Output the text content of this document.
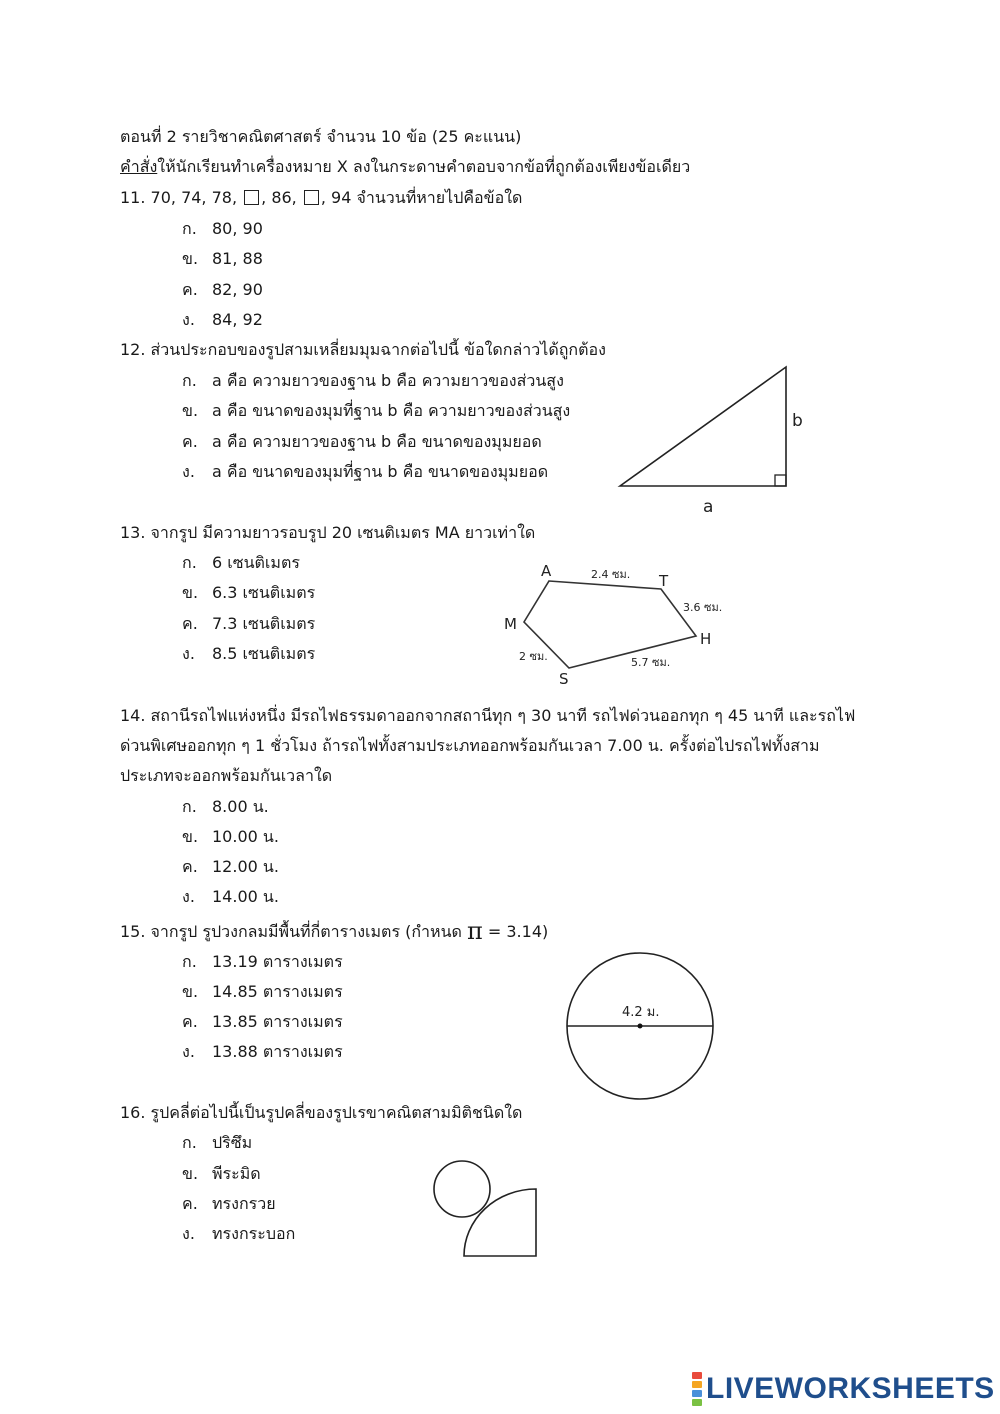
ตอนที่ 2 รายวิชาคณิตศาสตร์ จำนวน 10 ข้อ (25 คะแนน)
คำสั่งให้นักเรียนทำเครื่องหมาย X ลงในกระดาษคำตอบจากข้อที่ถูกต้องเพียงข้อเดียว
11. 70, 74, 78, , 86, , 94 จำนวนที่หายไปคือข้อใด
ก. 80, 90
ข. 81, 88
ค. 82, 90
ง. 84, 92
12. ส่วนประกอบของรูปสามเหลี่ยมมุมฉากต่อไปนี้ ข้อใดกล่าวได้ถูกต้อง
ก. a คือ ความยาวของฐาน b คือ ความยาวของส่วนสูง
ข. a คือ ขนาดของมุมที่ฐาน b คือ ความยาวของส่วนสูง
ค. a คือ ความยาวของฐาน b คือ ขนาดของมุมยอด
ง. a คือ ขนาดของมุมที่ฐาน b คือ ขนาดของมุมยอด
b
a
13. จากรูป มีความยาวรอบรูป 20 เซนติเมตร MA ยาวเท่าใด
ก. 6 เซนติเมตร
ข. 6.3 เซนติเมตร
ค. 7.3 เซนติเมตร
ง. 8.5 เซนติเมตร
A
T
H
S
M
2.4 ซม.
3.6 ซม.
5.7 ซม.
2 ซม.
14. สถานีรถไฟแห่งหนึ่ง มีรถไฟธรรมดาออกจากสถานีทุก ๆ 30 นาที รถไฟด่วนออกทุก ๆ 45 นาที และรถไฟ
ด่วนพิเศษออกทุก ๆ 1 ชั่วโมง ถ้ารถไฟทั้งสามประเภทออกพร้อมกันเวลา 7.00 น. ครั้งต่อไปรถไฟทั้งสาม
ประเภทจะออกพร้อมกันเวลาใด
ก. 8.00 น.
ข. 10.00 น.
ค. 12.00 น.
ง. 14.00 น.
15. จากรูป รูปวงกลมมีพื้นที่กี่ตารางเมตร (กำหนด π = 3.14)
ก. 13.19 ตารางเมตร
ข. 14.85 ตารางเมตร
ค. 13.85 ตารางเมตร
ง. 13.88 ตารางเมตร
4.2 ม.
16. รูปคลี่ต่อไปนี้เป็นรูปคลี่ของรูปเรขาคณิตสามมิติชนิดใด
ก. ปริซึม
ข. พีระมิด
ค. ทรงกรวย
ง. ทรงกระบอก
LIVEWORKSHEETS
